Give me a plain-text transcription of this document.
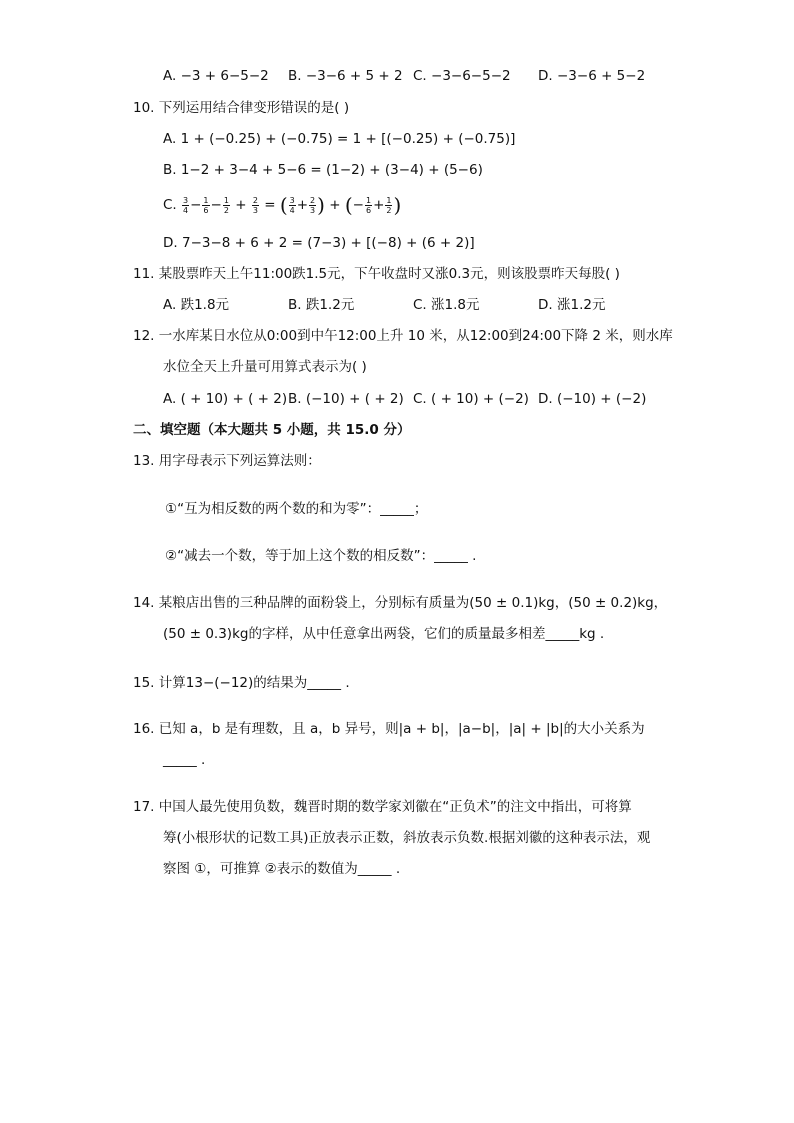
A. −3 + 6−5−2 B. −3−6 + 5 + 2 C. −3−6−5−2 D. −3−6 + 5−2
10. 下列运用结合律变形错误的是( )
A. 1 + (−0.25) + (−0.75) = 1 + [(−0.25) + (−0.75)]
B. 1−2 + 3−4 + 5−6 = (1−2) + (3−4) + (5−6)
C. $\frac{3}{4} - \frac{1}{6} - \frac{1}{2} + \frac{2}{3}$ = ( $\frac{3}{4} + \frac{2}{3}$ ) + (− $\frac{1}{6} + \frac{1}{2}$ )
D. 7−3−8 + 6 + 2 = (7−3) + [(−8) + (6 + 2)]
11. 某股票昨天上午11:00跌1.5元，下午收盘时又涨0.3元，则该股票昨天每股( )
A. 跌1.8元	B. 跌1.2元	C. 涨1.8元	D. 涨1.2元
12. 一水库某日水位从0:00到中午12:00上升 10 米，从12:00到24:00下降 2 米，则水库
水位全天上升量可用算式表示为( )
A. ( + 10) + ( + 2) B. (−10) + ( + 2) C. ( + 10) + (−2) D. (−10) + (−2)
二、填空题（本大题共 5 小题，共 15.0 分）
13. 用字母表示下列运算法则：
①“互为相反数的两个数的和为零”：_____；
②“减去一个数，等于加上这个数的相反数”：_____ .
14. 某粮店出售的三种品牌的面粉袋上，分别标有质量为(50 ± 0.1)kg，(50 ± 0.2)kg，
(50 ± 0.3)kg的字样，从中任意拿出两袋，它们的质量最多相差_____kg .
15. 计算13−(−12)的结果为_____ .
16. 已知 a，b 是有理数，且 a，b 异号，则|a + b|，|a−b|，|a| + |b|的大小关系为
_____ .
17. 中国人最先使用负数，魏晋时期的数学家刘徽在“正负术”的注文中指出，可将算
筹(小根形状的记数工具)正放表示正数，斜放表示负数.根据刘徽的这种表示法，观
察图 ①，可推算 ②表示的数值为_____ .
